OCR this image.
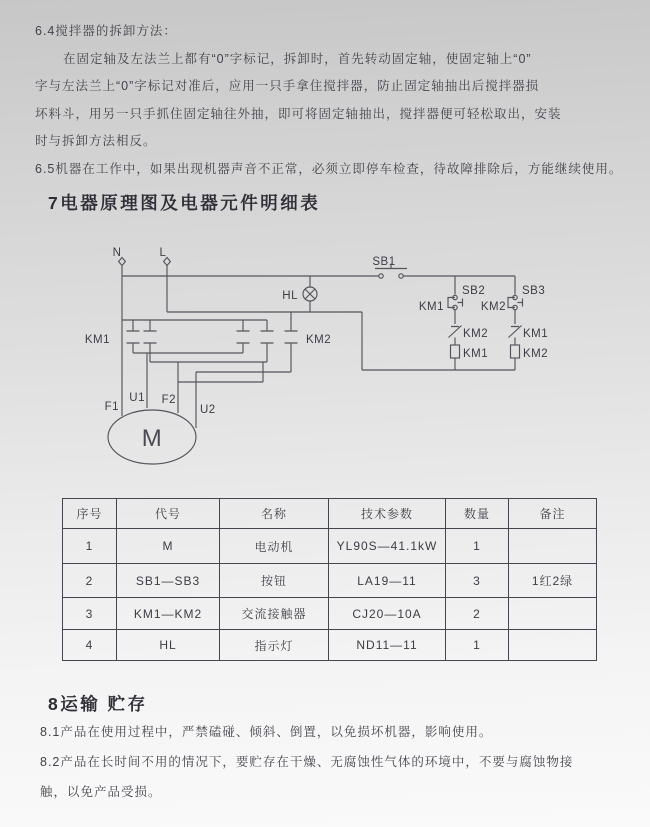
6.4搅拌器的拆卸方法：
在固定轴及左法兰上都有“0”字标记，拆卸时，首先转动固定轴，使固定轴上“0”
字与左法兰上“0”字标记对准后，应用一只手拿住搅拌器，防止固定轴抽出后搅拌器损
坏料斗，用另一只手抓住固定轴往外抽，即可将固定轴抽出，搅拌器便可轻松取出，安装
时与拆卸方法相反。
6.5机器在工作中，如果出现机器声音不正常，必须立即停车检查，待故障排除后，方能继续使用。
7电器原理图及电器元件明细表
N	L
SB1
HL
KM1
SB2
KM2
KM1
KM2
SB3
KM1
KM2
KM1	KM2
M
F1
U1 F2
U2
序号	代号	名称	技术参数	数量	备注
1	M	电动机	YL90S—41.1kW	1	
2	SB1—SB3	按钮	LA19—11	3	1红2绿
3	KM1—KM2	交流接触器	CJ20—10A	2	
4	HL	指示灯	ND11—11	1	
8运输 贮存
8.1产品在使用过程中，严禁磕碰、倾斜、倒置，以免损坏机器，影响使用。
8.2产品在长时间不用的情况下，要贮存在干燥、无腐蚀性气体的环境中，不要与腐蚀物接
触，以免产品受损。
